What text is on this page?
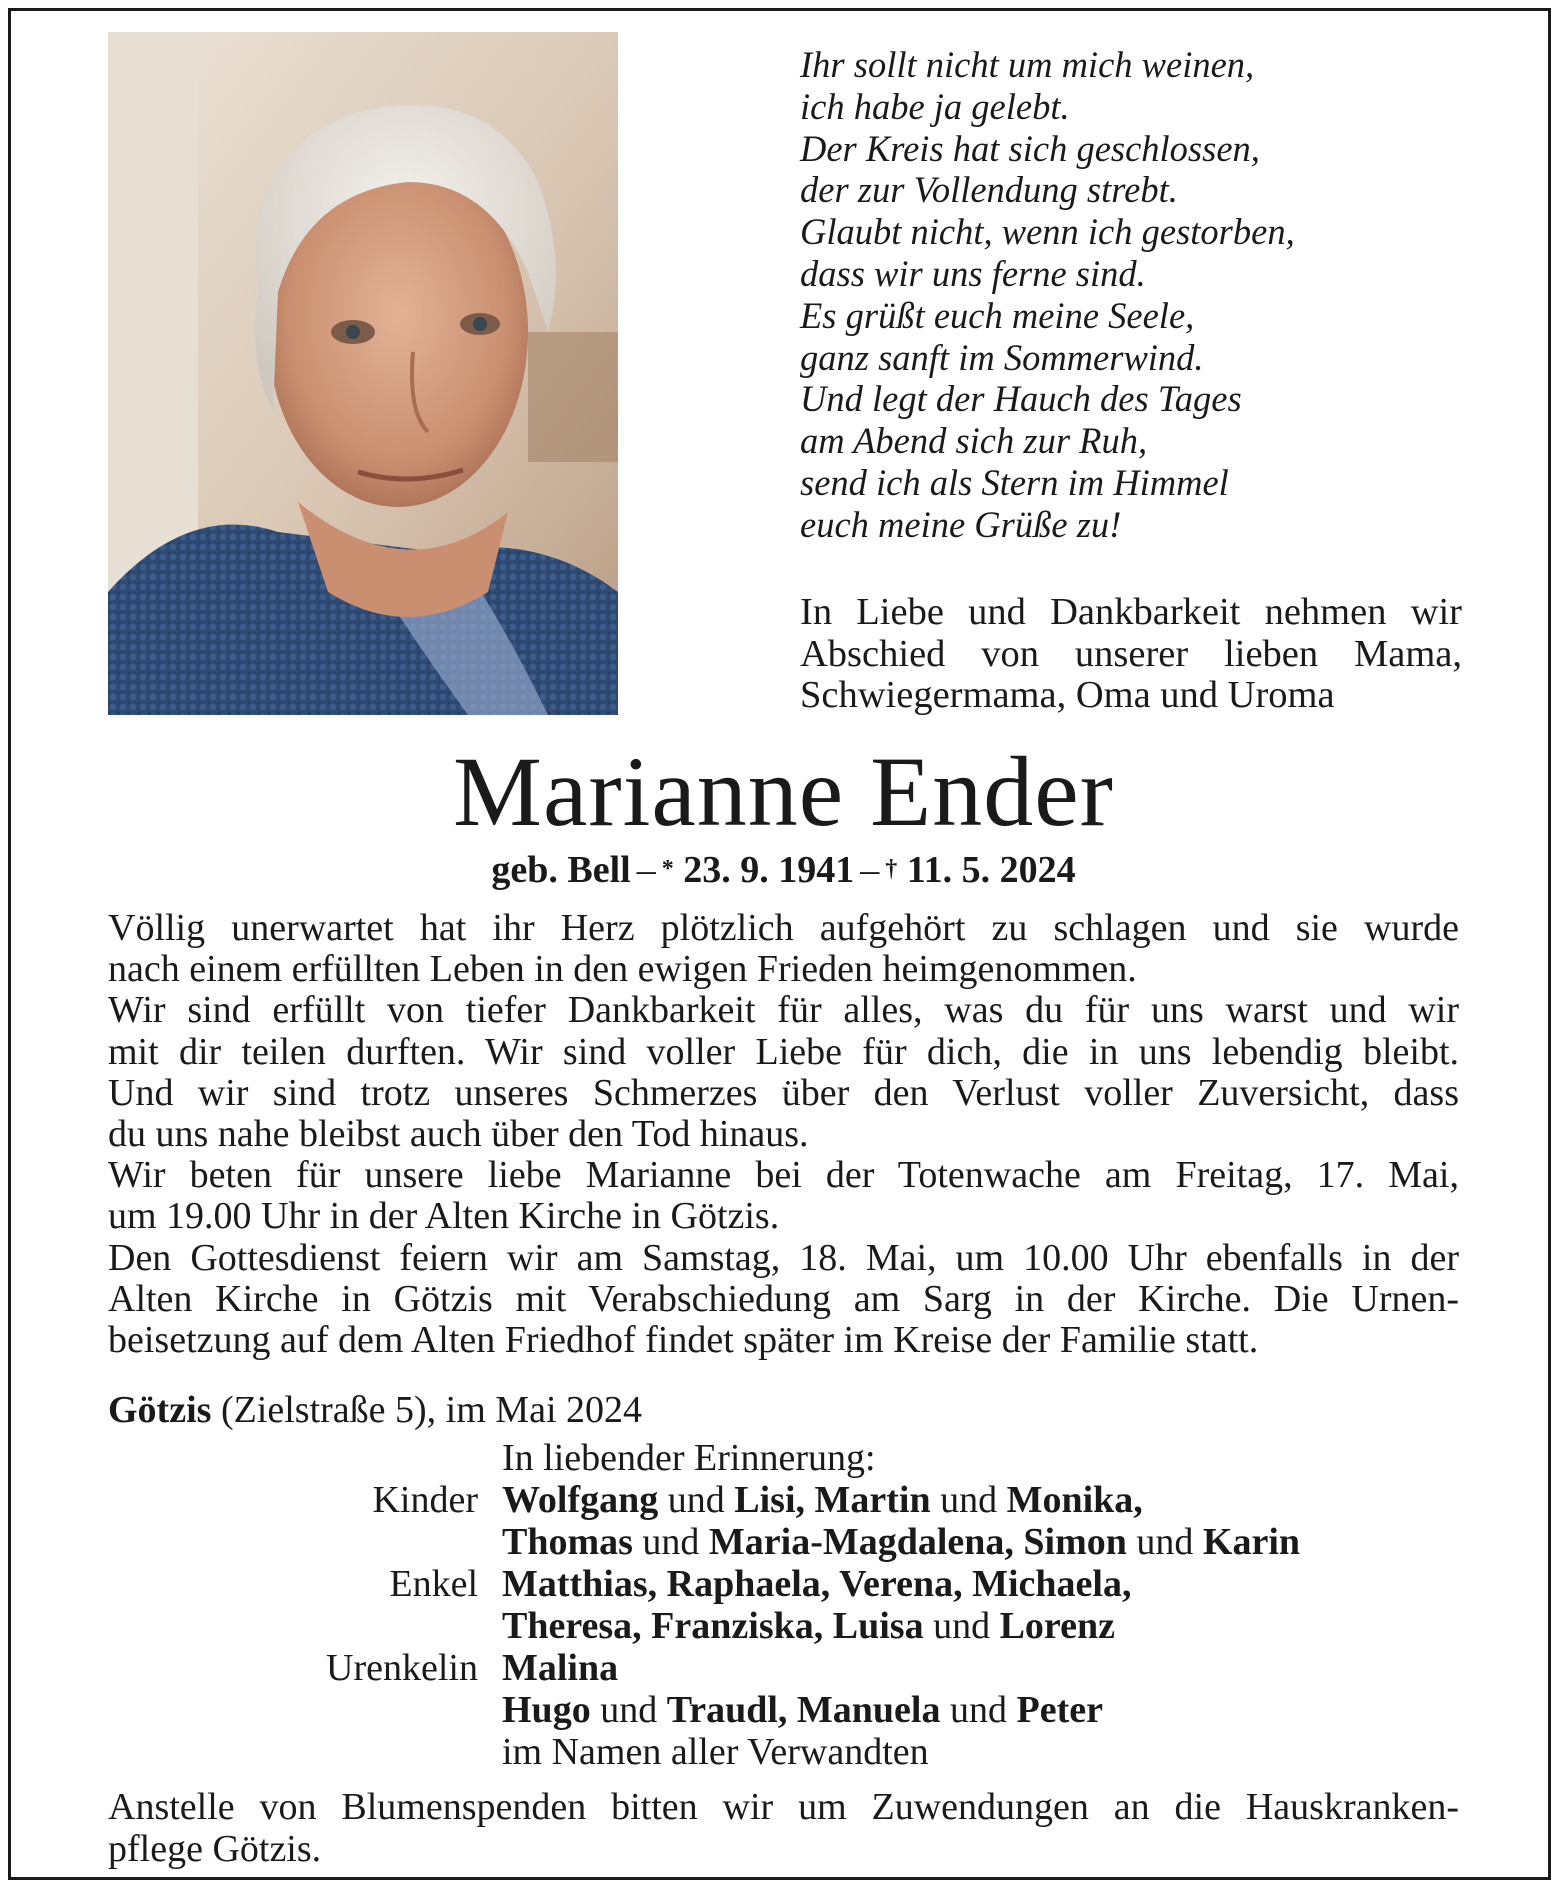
Ihr sollt nicht um mich weinen,
ich habe ja gelebt.
Der Kreis hat sich geschlossen,
der zur Vollendung strebt.
Glaubt nicht, wenn ich gestorben,
dass wir uns ferne sind.
Es grüßt euch meine Seele,
ganz sanft im Sommerwind.
Und legt der Hauch des Tages
am Abend sich zur Ruh,
send ich als Stern im Himmel
euch meine Grüße zu!
In Liebe und Dankbarkeit nehmen wir
Abschied von unserer lieben Mama,
Schwiegermama, Oma und Uroma
Marianne Ender
geb. Bell – * 23. 9. 1941 – † 11. 5. 2024
Völlig unerwartet hat ihr Herz plötzlich aufgehört zu schlagen und sie wurde
nach einem erfüllten Leben in den ewigen Frieden heimgenommen.
Wir sind erfüllt von tiefer Dankbarkeit für alles, was du für uns warst und wir
mit dir teilen durften. Wir sind voller Liebe für dich, die in uns lebendig bleibt.
Und wir sind trotz unseres Schmerzes über den Verlust voller Zuversicht, dass
du uns nahe bleibst auch über den Tod hinaus.
Wir beten für unsere liebe Marianne bei der Totenwache am Freitag, 17. Mai,
um 19.00 Uhr in der Alten Kirche in Götzis.
Den Gottesdienst feiern wir am Samstag, 18. Mai, um 10.00 Uhr ebenfalls in der
Alten Kirche in Götzis mit Verabschiedung am Sarg in der Kirche. Die Urnen-
beisetzung auf dem Alten Friedhof findet später im Kreise der Familie statt.
Götzis (Zielstraße 5), im Mai 2024
In liebender Erinnerung:
Kinder Wolfgang und Lisi, Martin und Monika,
Thomas und Maria-Magdalena, Simon und Karin
Enkel Matthias, Raphaela, Verena, Michaela,
Theresa, Franziska, Luisa und Lorenz
Urenkelin Malina
Hugo und Traudl, Manuela und Peter
im Namen aller Verwandten
Anstelle von Blumenspenden bitten wir um Zuwendungen an die Hauskranken-
pflege Götzis.
